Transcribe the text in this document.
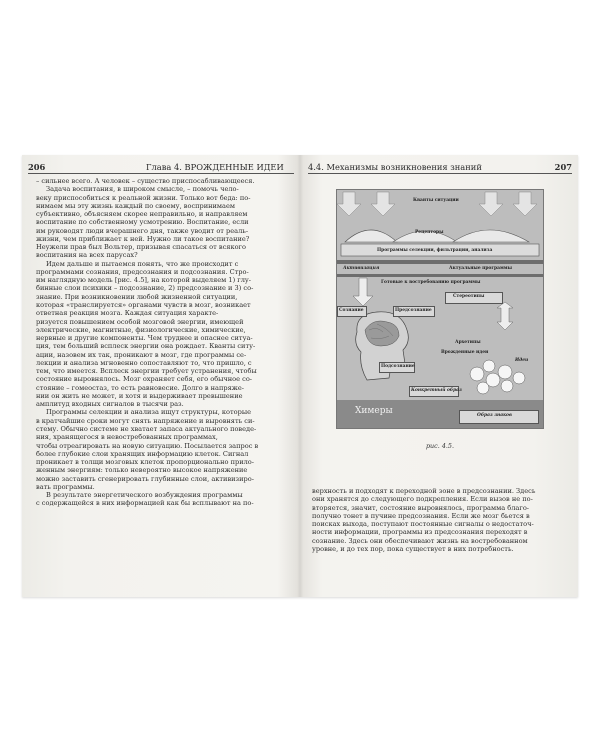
206	Глава 4. ВРОЖДЕННЫЕ ИДЕИ
– сильнее всего. А человек – существо приспосабливающееся.
Задача воспитания, в широком смысле, – помочь чело-
веку приспособиться к реальной жизни. Только вот беда: по-
нимаем мы эту жизнь каждый по своему, воспринимаем
субъективно, объясняем скорее неправильно, и направляем
воспитание по собственному усмотрению. Воспитание, если
им руководят люди вчерашнего дня, также уводит от реаль-
жизни, чем приближает к ней. Нужно ли такое воспитание?
Неужели прав был Вольтер, призывая спасаться от всякого
воспитания на всех парусах?
Идем дальше и пытаемся понять, что же происходит с
программами сознания, предсознания и подсознания. Стро-
им наглядную модель [рис. 4.5], на которой выделяем 1) глу-
бинные слои психики – подсознание, 2) предсознание и 3) со-
знание. При возникновении любой жизненной ситуации,
которая «транслируется» органами чувств в мозг, возникает
ответная реакция мозга. Каждая ситуация характе-
ризуется повышением особой мозговой энергии, имеющей
электрические, магнитные, физиологические, химические,
нервные и другие компоненты. Чем труднее и опаснее ситуа-
ция, тем больший всплеск энергии она рождает. Кванты ситу-
ации, назовем их так, проникают в мозг, где программы се-
лекции и анализа мгновенно сопоставляют то, что пришло, с
тем, что имеется. Всплеск энергии требует устранения, чтобы
состояние выровнялось. Мозг охраняет себя, его обычное со-
стояние – гомеостаз, то есть равновесие. Долго в напряже-
нии он жить не может, и хотя и выдерживает превышение
амплитуд входных сигналов в тысячи раз.
Программы селекции и анализа ищут структуры, которые
в кратчайшие сроки могут снять напряжение и выровнять си-
стему. Обычно системе не хватает запаса актуального поведе-
ния, хранящегося в невостребованных программах,
чтобы отреагировать на новую ситуацию. Посылается запрос в
более глубокие слои хранящих информацию клеток. Сигнал
проникает в толщи мозговых клеток пропорционально прило-
женным энергиям: только невероятно высокое напряжение
можно заставить сгенерировать глубинные слои, активизиро-
вать программы.
В результате энергетического возбуждения программы
с содержащейся в них информацией как бы всплывают на по-
4.4. Механизмы возникновения знаний	207
Кванты ситуации
Рецепторы
Программы селекции, фильтрации, анализа
Активизация	Актуальные программы
Готовые к востребованию программы
Стереотипы
Сознание	Предсознание
Архетипы
Врожденные идеи
Подсознание
Идеи
Конкретный образ
Химеры	Образ знаков
рис. 4.5.
верхность и подходят к переходной зоне в предсознании. Здесь
они хранятся до следующего подкрепления. Если вызов не по-
вторяется, значит, состояние выровнялось, программа благо-
получно тонет в пучине предсознания. Если же мозг бьется в
поисках выхода, поступают постоянные сигналы о недостаточ-
ности информации, программы из предсознания переходят в
сознание. Здесь они обеспечивают жизнь на востребованном
уровне, и до тех пор, пока существует в них потребность.
